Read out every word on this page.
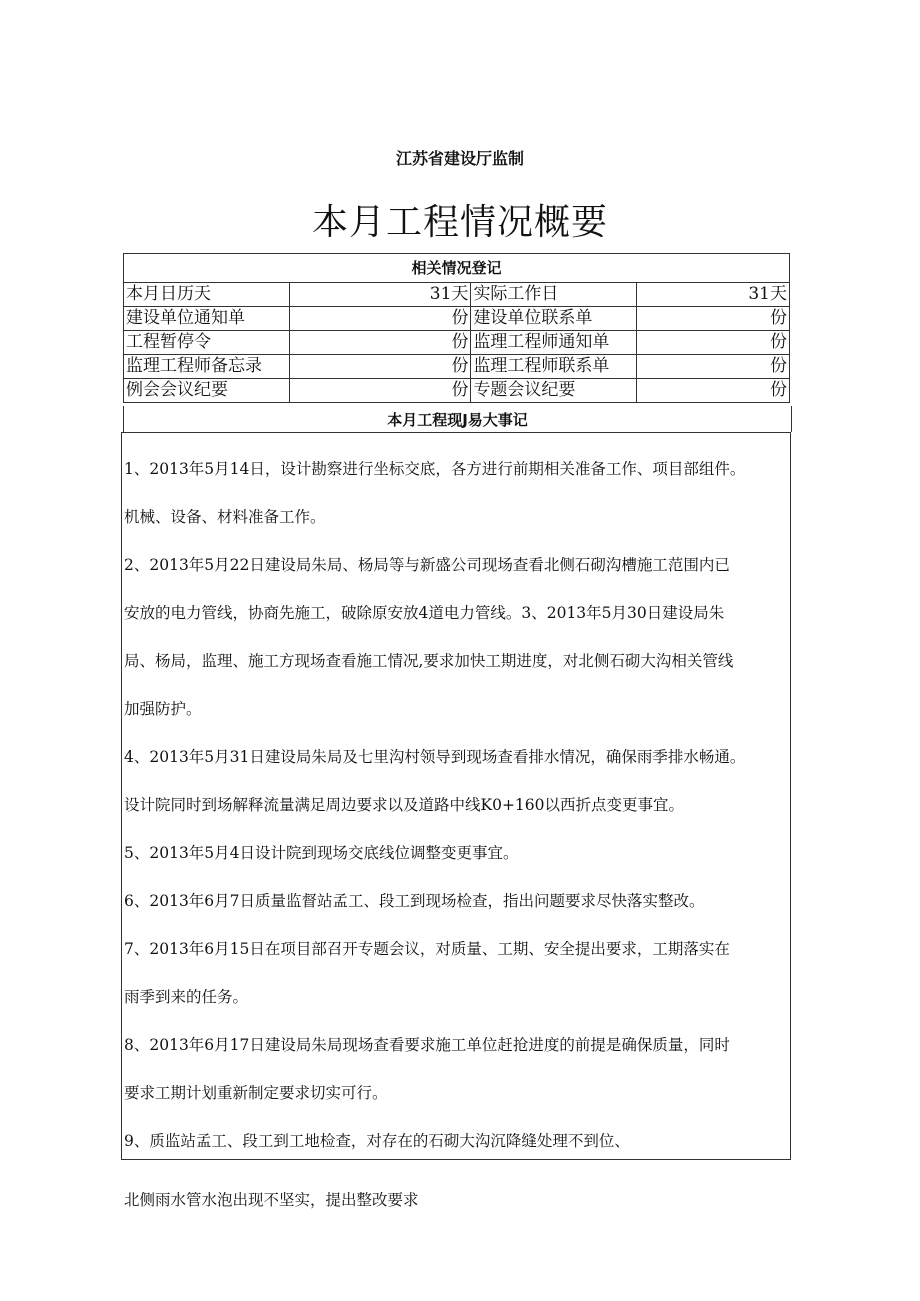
江苏省建设厅监制
本月工程情况概要
相关情况登记			
本月日历天	31天	实际工作日	31天
建设单位通知单	份	建设单位联系单	份
工程暂停令	份	监理工程师通知单	份
监理工程师备忘录	份	监理工程师联系单	份
例会会议纪要	份	专题会议纪要	份
本月工程现J易大事记

1、2013年5月14日，设计勘察进行坐标交底，各方进行前期相关准备工作、项目部组件。

机械、设备、材料准备工作。

2、2013年5月22日建设局朱局、杨局等与新盛公司现场查看北侧石砌沟槽施工范围内已

安放的电力管线，协商先施工，破除原安放4道电力管线。3、2013年5月30日建设局朱

局、杨局，监理、施工方现场查看施工情况,要求加快工期进度，对北侧石砌大沟相关管线

加强防护。

4、2013年5月31日建设局朱局及七里沟村领导到现场查看排水情况，确保雨季排水畅通。

设计院同时到场解释流量满足周边要求以及道路中线K0+160以西折点变更事宜。

5、2013年5月4日设计院到现场交底线位调整变更事宜。

6、2013年6月7日质量监督站孟工、段工到现场检查，指出问题要求尽快落实整改。

7、2013年6月15日在项目部召开专题会议，对质量、工期、安全提出要求，工期落实在

雨季到来的任务。

8、2013年6月17日建设局朱局现场查看要求施工单位赶抢进度的前提是确保质量，同时

要求工期计划重新制定要求切实可行。

9、质监站孟工、段工到工地检查，对存在的石砌大沟沉降缝处理不到位、

北侧雨水管水泡出现不坚实，提出整改要求
